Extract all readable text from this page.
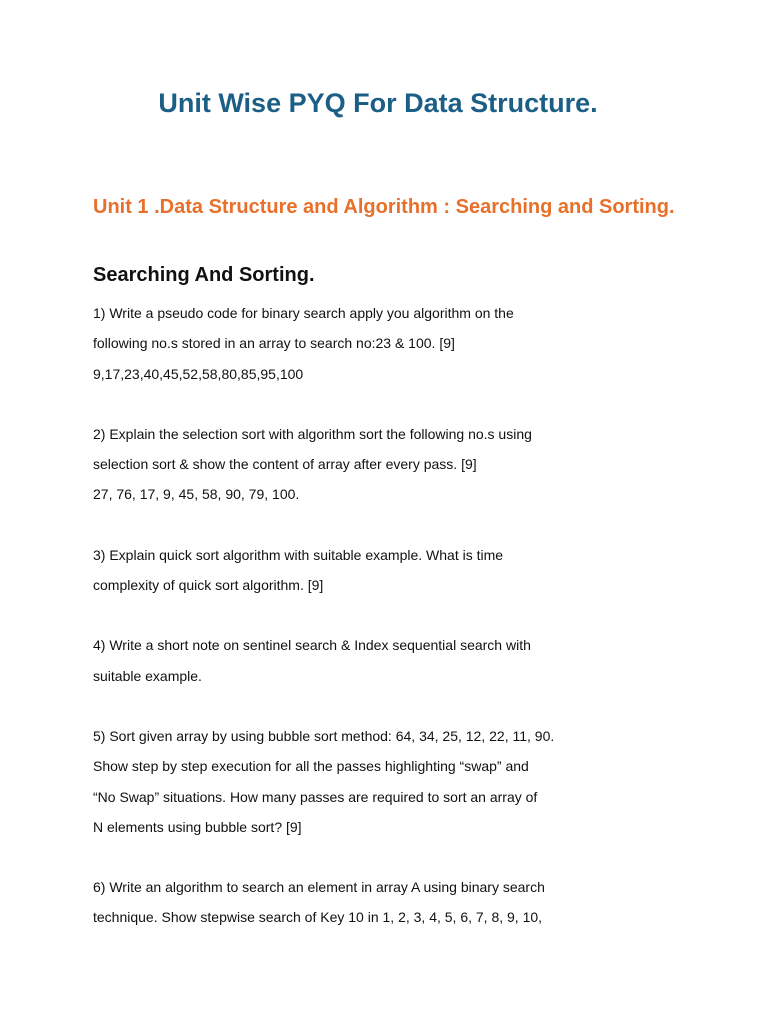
Unit Wise PYQ For Data Structure.
Unit 1 .Data Structure and Algorithm : Searching and Sorting.
Searching And Sorting.
1) Write a pseudo code for binary search apply you algorithm on the
following no.s stored in an array to search no:23 & 100. [9]
9,17,23,40,45,52,58,80,85,95,100
2) Explain the selection sort with algorithm sort the following no.s using
selection sort & show the content of array after every pass. [9]
27, 76, 17, 9, 45, 58, 90, 79, 100.
3) Explain quick sort algorithm with suitable example. What is time
complexity of quick sort algorithm. [9]
4) Write a short note on sentinel search & Index sequential search with
suitable example.
5) Sort given array by using bubble sort method: 64, 34, 25, 12, 22, 11, 90.
Show step by step execution for all the passes highlighting “swap” and
“No Swap” situations. How many passes are required to sort an array of
N elements using bubble sort? [9]
6) Write an algorithm to search an element in array A using binary search
technique. Show stepwise search of Key 10 in 1, 2, 3, 4, 5, 6, 7, 8, 9, 10,
